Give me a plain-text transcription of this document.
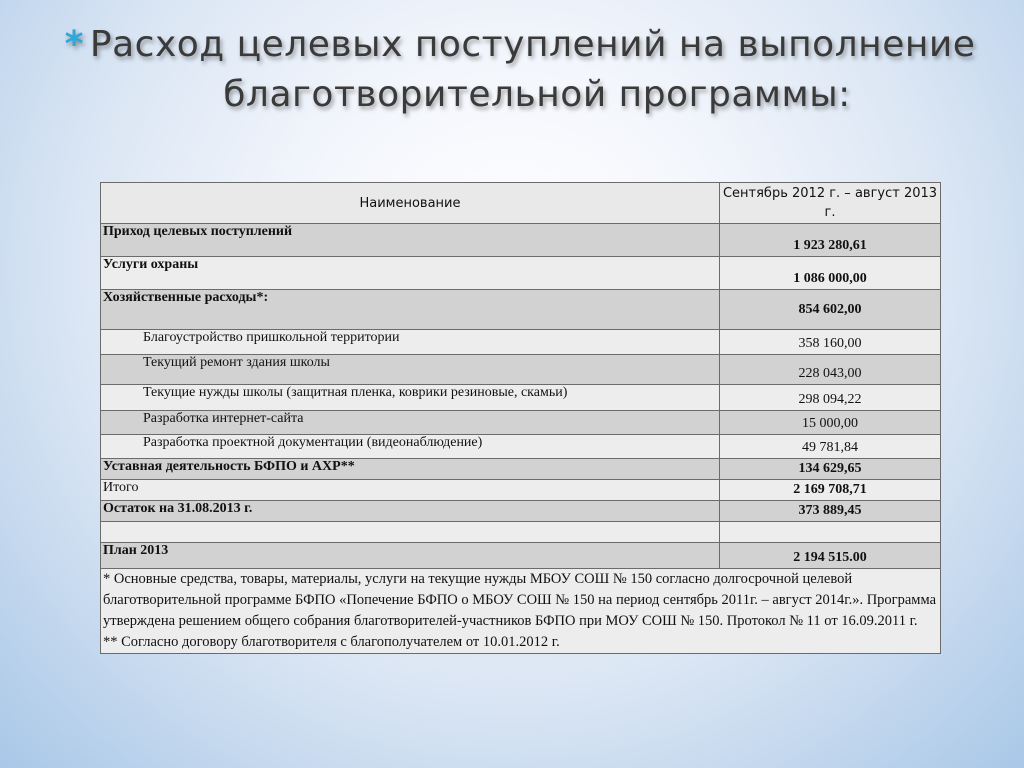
* Расход целевых поступлений на выполнение
благотворительной программы:
Наименование	Сентябрь 2012 г. – август 2013 г.
Приход целевых поступлений	1 923 280,61
Услуги охраны	1 086 000,00
Хозяйственные расходы*:	854 602,00
Благоустройство пришкольной территории	358 160,00
Текущий ремонт здания школы	228 043,00
Текущие нужды школы (защитная пленка, коврики резиновые, скамьи)	298 094,22
Разработка интернет-сайта	15 000,00
Разработка проектной документации (видеонаблюдение)	49 781,84
Уставная деятельность БФПО и АХР**	134 629,65
Итого	2 169 708,71
Остаток на 31.08.2013 г.	373 889,45

План 2013	2 194 515.00

* Основные средства, товары, материалы, услуги на текущие нужды МБОУ СОШ № 150 согласно долгосрочной целевой благотворительной программе БФПО «Попечение БФПО о МБОУ СОШ № 150 на период сентябрь 2011г. – август 2014г.». Программа утверждена решением общего собрания благотворителей-участников БФПО при МОУ СОШ № 150. Протокол № 11 от 16.09.2011 г.

** Согласно договору благотворителя с благополучателем от 10.01.2012 г.	
